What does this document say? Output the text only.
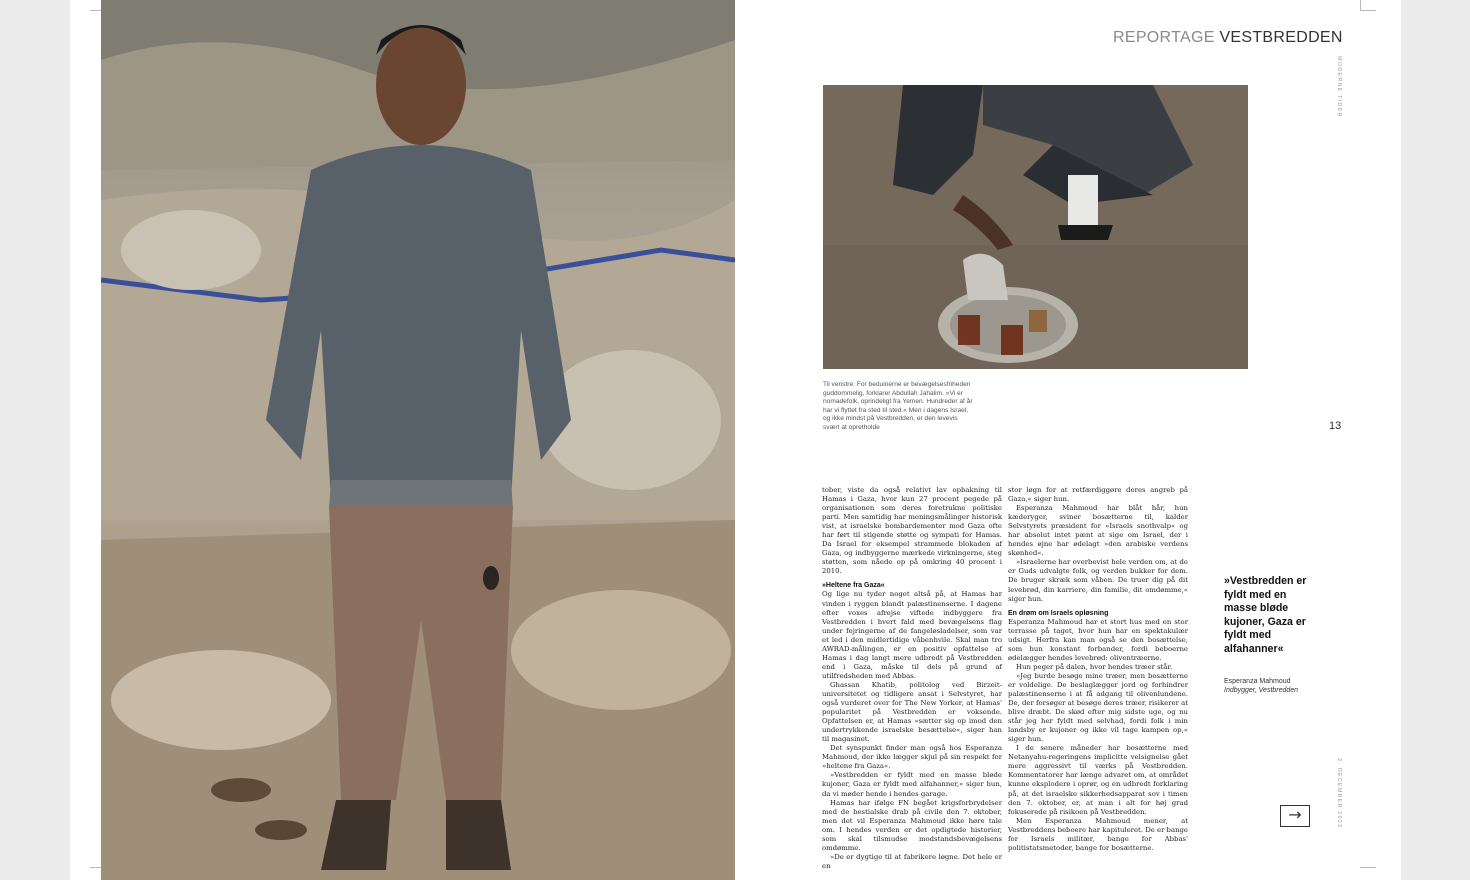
REPORTAGE VESTBREDDEN
Til venstre: For beduinerne er bevægelsesfriheden guddommelig, forklarer Abdullah Jahalim. »Vi er nomadefolk, oprindeligt fra Yemen. Hundreder af år har vi flyttet fra sted til sted.« Men i dagens Israel, og ikke mindst på Vestbredden, er den levevis svært at opretholde	13
MODERNE TIDER
2. DECEMBER 2023

tober, viste da også relativt lav opbakning til Hamas i Gaza, hvor kun 27 procent pegede på organisationen som deres foretrukne politiske parti. Men samtidig har meningsmålinger historisk vist, at israelske bombardementer mod Gaza ofte har ført til stigende støtte og sympati for Hamas. Da Israel for eksempel strammede blokaden af Gaza, og indbyggerne mærkede virkningerne, steg støtten, som nåede op på omkring 40 procent i 2010.

»Heltene fra Gaza«

Og lige nu tyder noget altså på, at Hamas har vinden i ryggen blandt palæstinenserne. I dagene efter voxes afrejse viftede indbyggere fra Vestbredden i hvert fald med bevægelsens flag under fejringerne af de fangeløsladelser, som var et led i den midlertidige våbenhvile. Skal man tro AWRAD-målingen, er en positiv opfattelse af Hamas i dag langt mere udbredt på Vestbredden end i Gaza, måske til dels på grund af utilfredsheden med Abbas.

Ghassan Khatib, politolog ved Birzeit-universitetet og tidligere ansat i Selvstyret, har også vurderet over for The New Yorker, at Hamas' popularitet på Vestbredden er voksende. Opfattelsen er, at Hamas »sætter sig op imod den undertrykkende israelske besættelse«, siger han til magasinet.

Det synspunkt finder man også hos Esperanza Mahmoud, der ikke lægger skjul på sin respekt for »heltene fra Gaza«.

»Vestbredden er fyldt med en masse bløde kujoner, Gaza er fyldt med alfahanner,« siger hun, da vi møder hende i hendes garage.

Hamas har ifølge FN begået krigsforbrydelser med de bestialske drab på civile den 7. oktober, men det vil Esperanza Mahmoud ikke høre tale om. I hendes verden er det opdigtede historier, som skal tilsmudse modstandsbevægelsens omdømme.

»De er dygtige til at fabrikere løgne. Det hele er en

stor løgn for at retfærdiggøre deres angreb på Gaza,« siger hun.

Esperanza Mahmoud har blåt hår, hun kæderyger, sviner bosætterne til, kalder Selvstyrets præsident for »Israels snothvalp« og har absolut intet pænt at sige om Israel, der i hendes øjne har ødelagt »den arabiske verdens skønhed«.

»Israelerne har overbevist hele verden om, at de er Guds udvalgte folk, og verden bukker for dem. De bruger skræk som våben. De truer dig på dit levebrød, din karriere, din familie, dit omdømme,« siger hun.

En drøm om Israels opløsning

Esperanza Mahmoud har et stort hus med en stor terrasse på taget, hvor hun har en spektakulær udsigt. Herfra kan man også se den bosættelse, som hun konstant forbander, fordi beboerne ødelægger hendes levebrød: oliventræerne.

Hun peger på dalen, hvor hendes træer står.

»Jeg burde besøge mine træer, men bosætterne er voldelige. De beslaglægger jord og forhindrer palæstinenserne i at få adgang til olivenlundene. De, der forsøger at besøge deres træer, risikerer at blive dræbt. De skød efter mig sidste uge, og nu står jeg her fyldt med selvhad, fordi folk i min landsby er kujoner og ikke vil tage kampen op,« siger hun.

I de senere måneder har bosætterne med Netanyahu-regeringens implicitte velsignelse gået mere aggressivt til værks på Vestbredden. Kommentatorer har længe advaret om, at området kunne eksplodere i oprør, og en udbredt forklaring på, at det israelske sikkerhedsapparat sov i timen den 7. oktober, er, at man i alt for høj grad fokuserede på risikoen på Vestbredden.

Men Esperanza Mahmoud mener, at Vestbreddens beboere har kapituleret. De er bange for Israels militær, bange for Abbas' politistatsmetoder, bange for bosætterne.

»Vestbredden er fyldt med en masse bløde kujoner, Gaza er fyldt med alfahanner«
Esperanza Mahmoud
Indbygger, Vestbredden
→
